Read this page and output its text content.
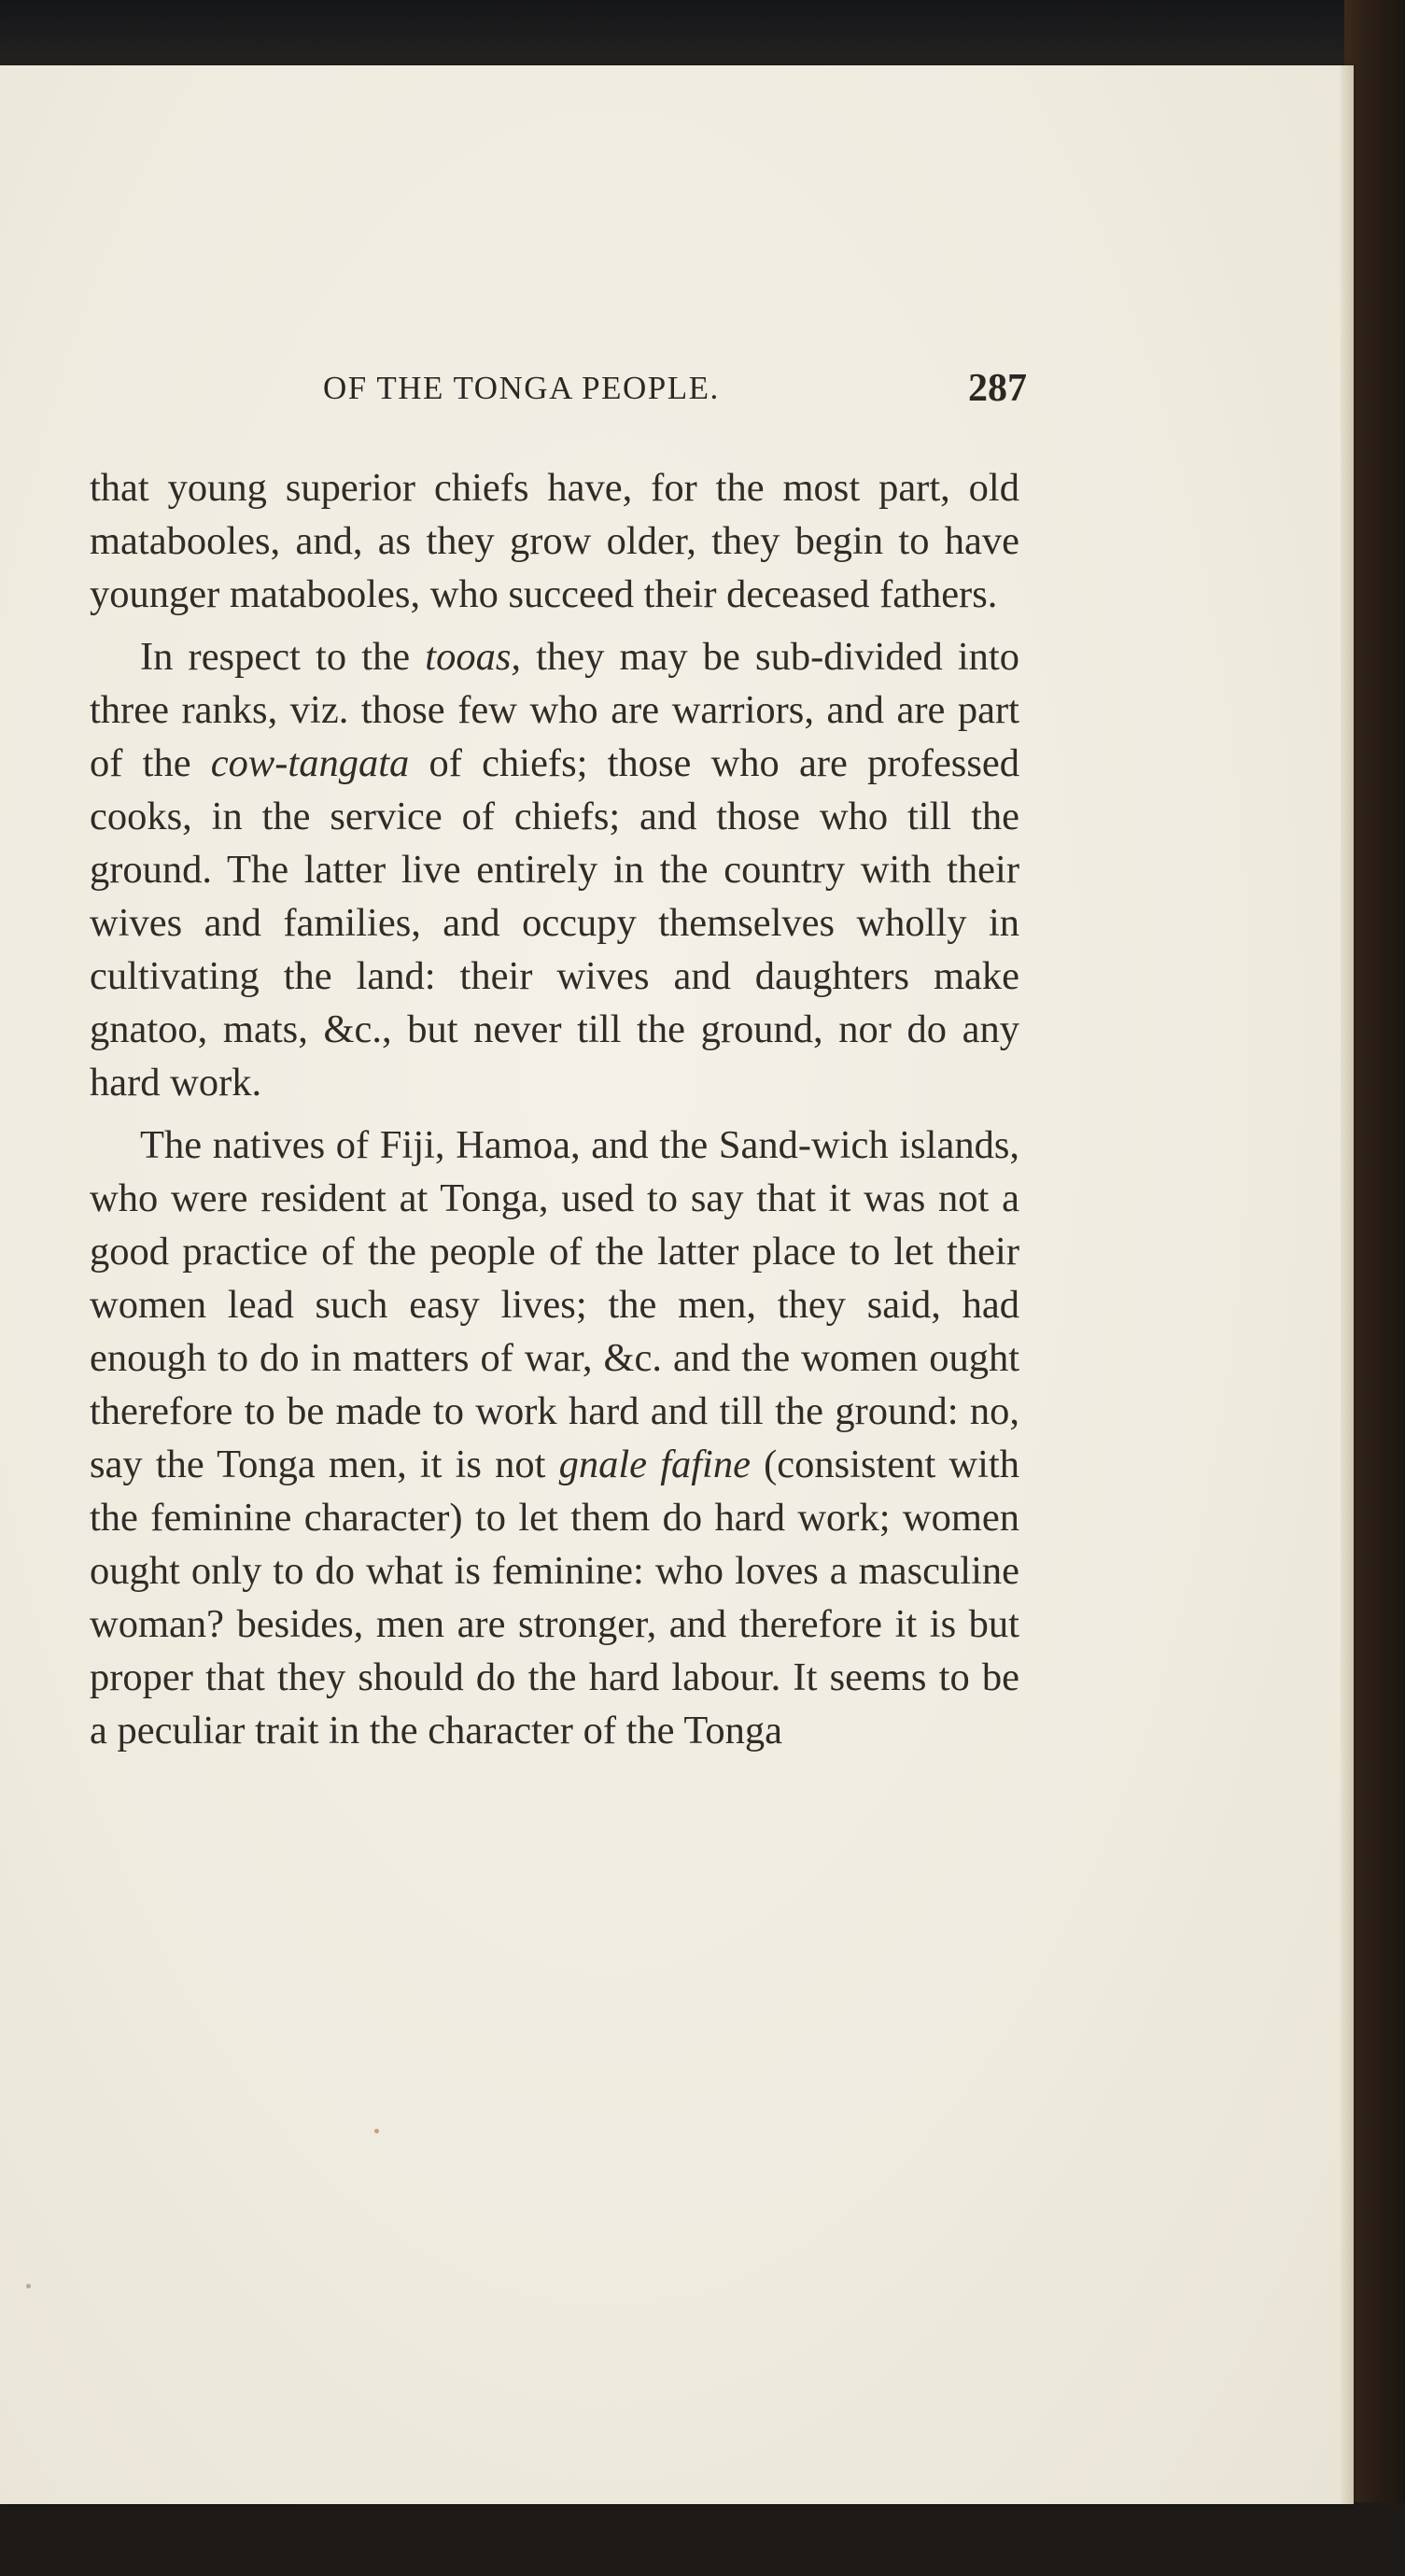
OF THE TONGA PEOPLE.	287

that young superior chiefs have, for the most part, old matabooles, and, as they grow older, they begin to have younger matabooles, who succeed their deceased fathers.

In respect to the tooas, they may be sub-divided into three ranks, viz. those few who are warriors, and are part of the cow-tangata of chiefs; those who are professed cooks, in the service of chiefs; and those who till the ground. The latter live entirely in the country with their wives and families, and occupy themselves wholly in cultivating the land: their wives and daughters make gnatoo, mats, &c., but never till the ground, nor do any hard work.

The natives of Fiji, Hamoa, and the Sand-wich islands, who were resident at Tonga, used to say that it was not a good practice of the people of the latter place to let their women lead such easy lives; the men, they said, had enough to do in matters of war, &c. and the women ought therefore to be made to work hard and till the ground: no, say the Tonga men, it is not gnale fafine (consistent with the feminine character) to let them do hard work; women ought only to do what is feminine: who loves a masculine woman? besides, men are stronger, and therefore it is but proper that they should do the hard labour. It seems to be a peculiar trait in the character of the Tonga
